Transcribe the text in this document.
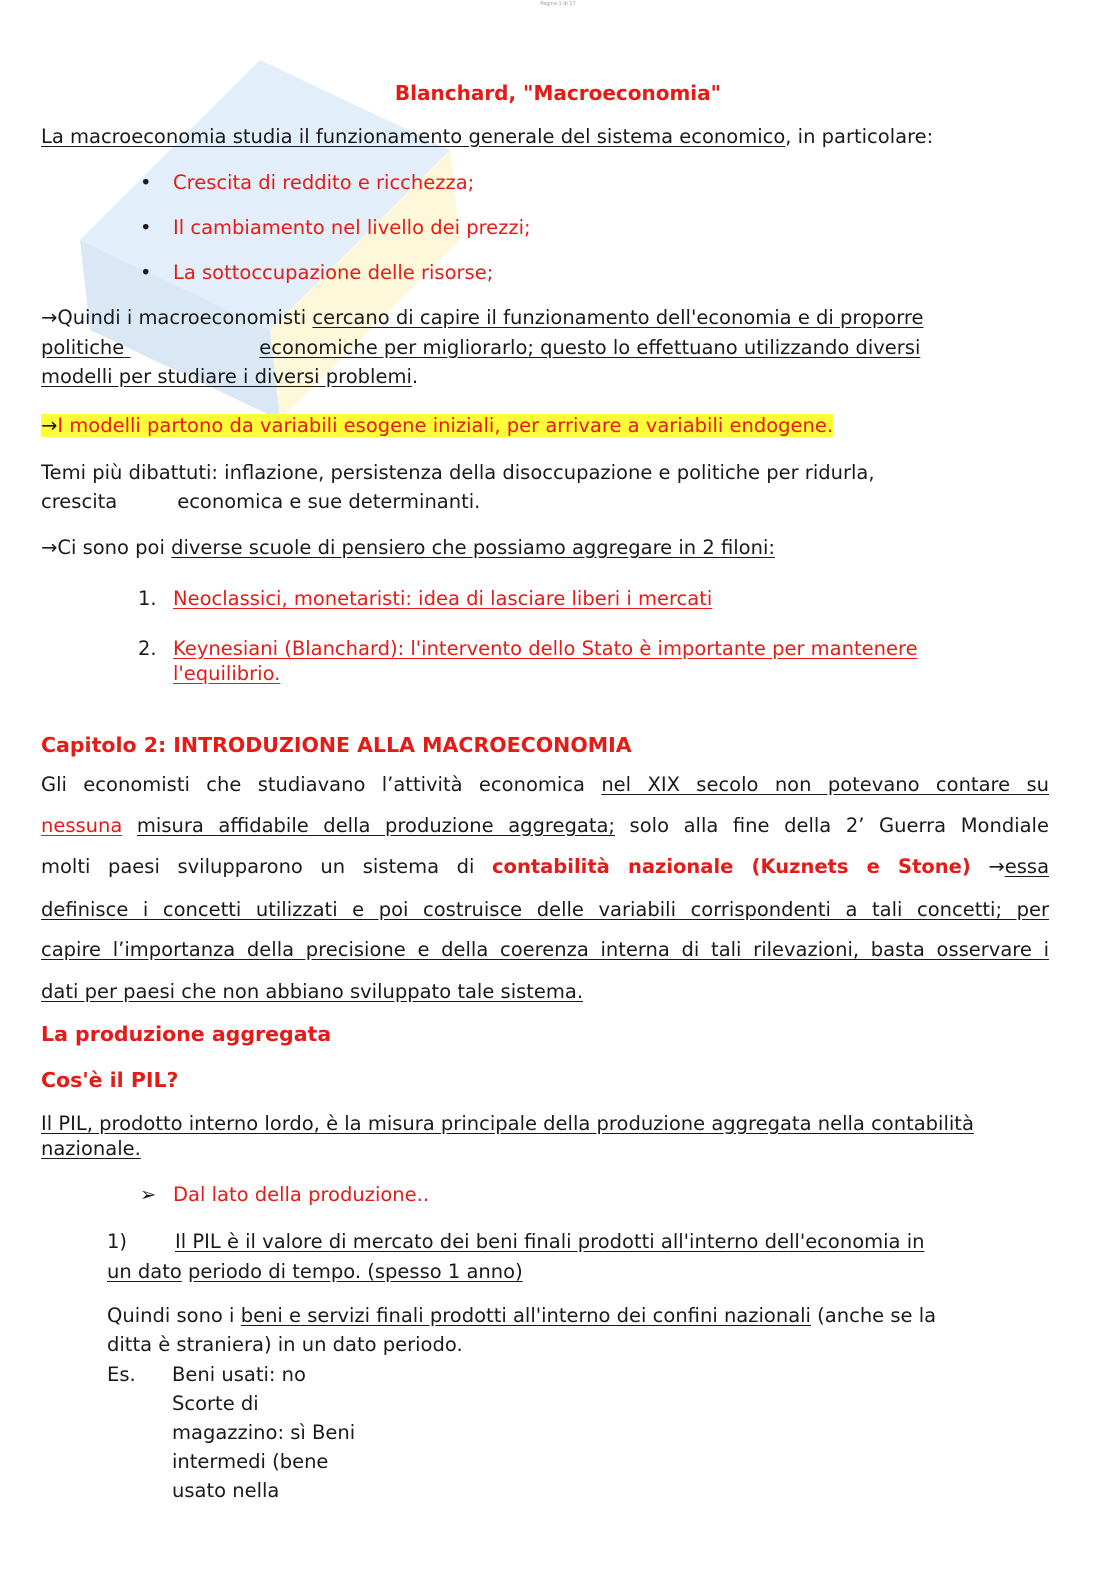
Pagina 1 di 17
Blanchard, "Macroeconomia"
La macroeconomia studia il funzionamento generale del sistema economico, in particolare:
• Crescita di reddito e ricchezza;
• Il cambiamento nel livello dei prezzi;
• La sottoccupazione delle risorse;
→Quindi i macroeconomisti cercano di capire il funzionamento dell'economia e di proporre
politiche	economiche per migliorarlo; questo lo effettuano utilizzando diversi
modelli per studiare i diversi problemi.
→I modelli partono da variabili esogene iniziali, per arrivare a variabili endogene.
Temi più dibattuti: inflazione, persistenza della disoccupazione e politiche per ridurla,
crescita	economica e sue determinanti.
→Ci sono poi diverse scuole di pensiero che possiamo aggregare in 2 filoni:
1. Neoclassici, monetaristi: idea di lasciare liberi i mercati
2. Keynesiani (Blanchard): l'intervento dello Stato è importante per mantenere
l'equilibrio.
Capitolo 2: INTRODUZIONE ALLA MACROECONOMIA
Gli economisti che studiavano l’attività economica nel XIX secolo non potevano contare su
nessuna misura affidabile della produzione aggregata; solo alla fine della 2’ Guerra Mondiale
molti paesi svilupparono un sistema di contabilità nazionale (Kuznets e Stone) →essa
definisce i concetti utilizzati e poi costruisce delle variabili corrispondenti a tali concetti; per
capire l’importanza della precisione e della coerenza interna di tali rilevazioni, basta osservare i
dati per paesi che non abbiano sviluppato tale sistema.
La produzione aggregata
Cos'è il PIL?
Il PIL, prodotto interno lordo, è la misura principale della produzione aggregata nella contabilità
nazionale.
➢ Dal lato della produzione..
1) Il PIL è il valore di mercato dei beni finali prodotti all'interno dell'economia in
un dato periodo di tempo. (spesso 1 anno)
Quindi sono i beni e servizi finali prodotti all'interno dei confini nazionali (anche se la
ditta è straniera) in un dato periodo.
Es. Beni usati: no
Scorte di
magazzino: sì Beni
intermedi (bene
usato nella
